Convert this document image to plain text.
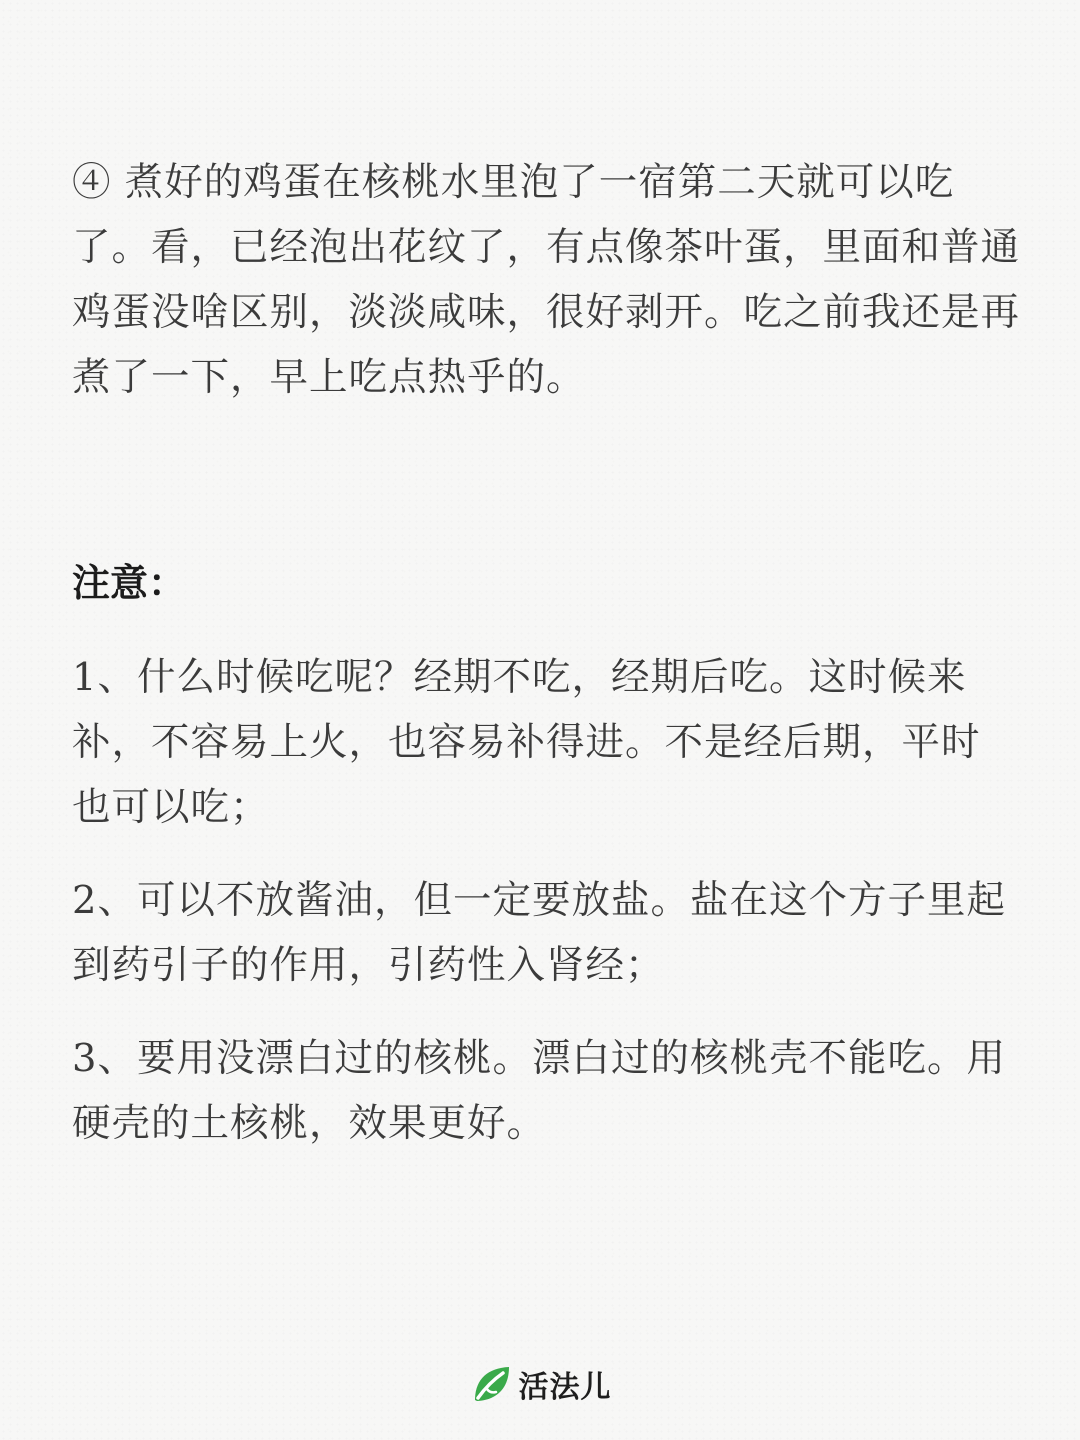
④ 煮好的鸡蛋在核桃水里泡了一宿第二天就可以吃了。看，已经泡出花纹了，有点像茶叶蛋，里面和普通鸡蛋没啥区别，淡淡咸味，很好剥开。吃之前我还是再煮了一下，早上吃点热乎的。

注意：

1、什么时候吃呢？经期不吃，经期后吃。这时候来补，不容易上火，也容易补得进。不是经后期，平时也可以吃；

2、可以不放酱油，但一定要放盐。盐在这个方子里起到药引子的作用，引药性入肾经；

3、要用没漂白过的核桃。漂白过的核桃壳不能吃。用硬壳的土核桃，效果更好。

活法儿
